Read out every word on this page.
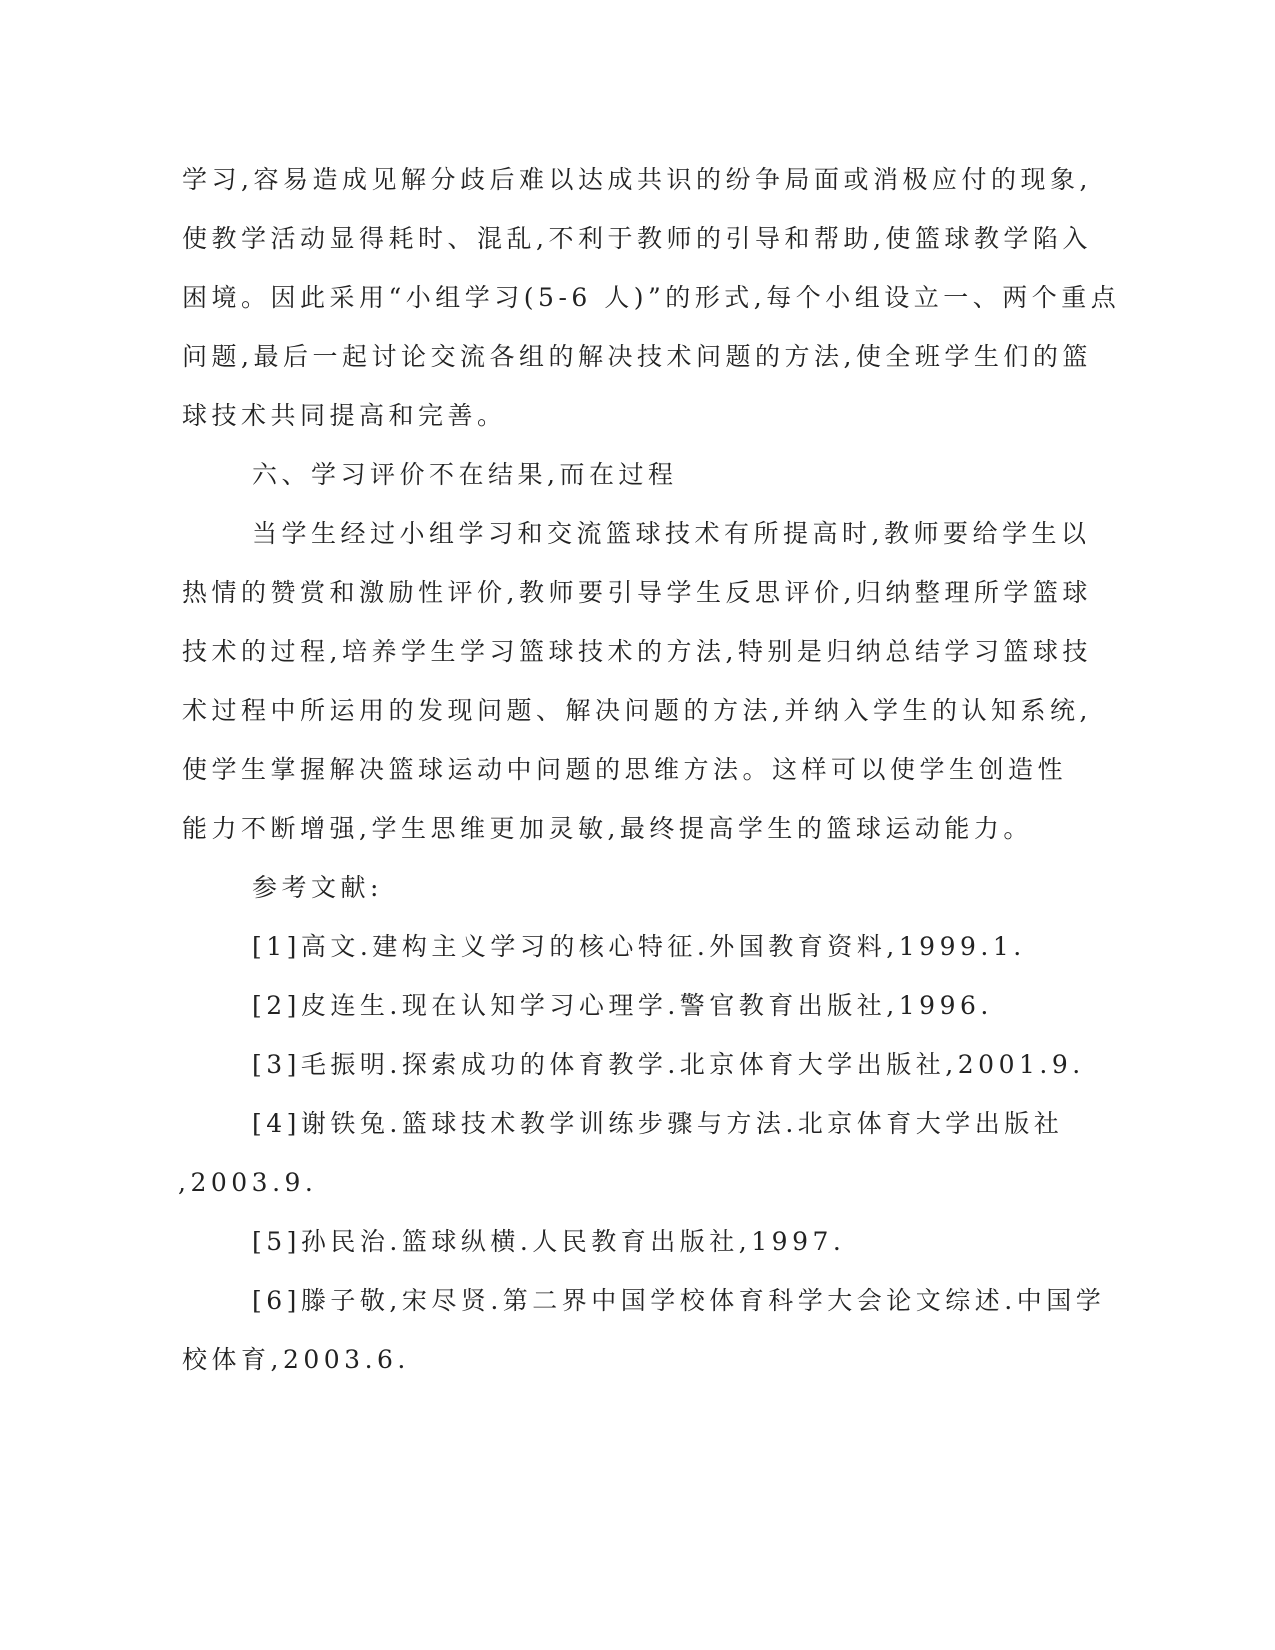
学习,容易造成见解分歧后难以达成共识的纷争局面或消极应付的现象,
使教学活动显得耗时、混乱,不利于教师的引导和帮助,使篮球教学陷入
困境。因此采用“小组学习(5-6 人)”的形式,每个小组设立一、两个重点
问题,最后一起讨论交流各组的解决技术问题的方法,使全班学生们的篮
球技术共同提高和完善。
六、学习评价不在结果,而在过程
当学生经过小组学习和交流篮球技术有所提高时,教师要给学生以
热情的赞赏和激励性评价,教师要引导学生反思评价,归纳整理所学篮球
技术的过程,培养学生学习篮球技术的方法,特别是归纳总结学习篮球技
术过程中所运用的发现问题、解决问题的方法,并纳入学生的认知系统,
使学生掌握解决篮球运动中问题的思维方法。这样可以使学生创造性
能力不断增强,学生思维更加灵敏,最终提高学生的篮球运动能力。
参考文献:
[1]高文.建构主义学习的核心特征.外国教育资料,1999.1.
[2]皮连生.现在认知学习心理学.警官教育出版社,1996.
[3]毛振明.探索成功的体育教学.北京体育大学出版社,2001.9.
[4]谢铁兔.篮球技术教学训练步骤与方法.北京体育大学出版社
,2003.9.
[5]孙民治.篮球纵横.人民教育出版社,1997.
[6]滕子敬,宋尽贤.第二界中国学校体育科学大会论文综述.中国学
校体育,2003.6.
